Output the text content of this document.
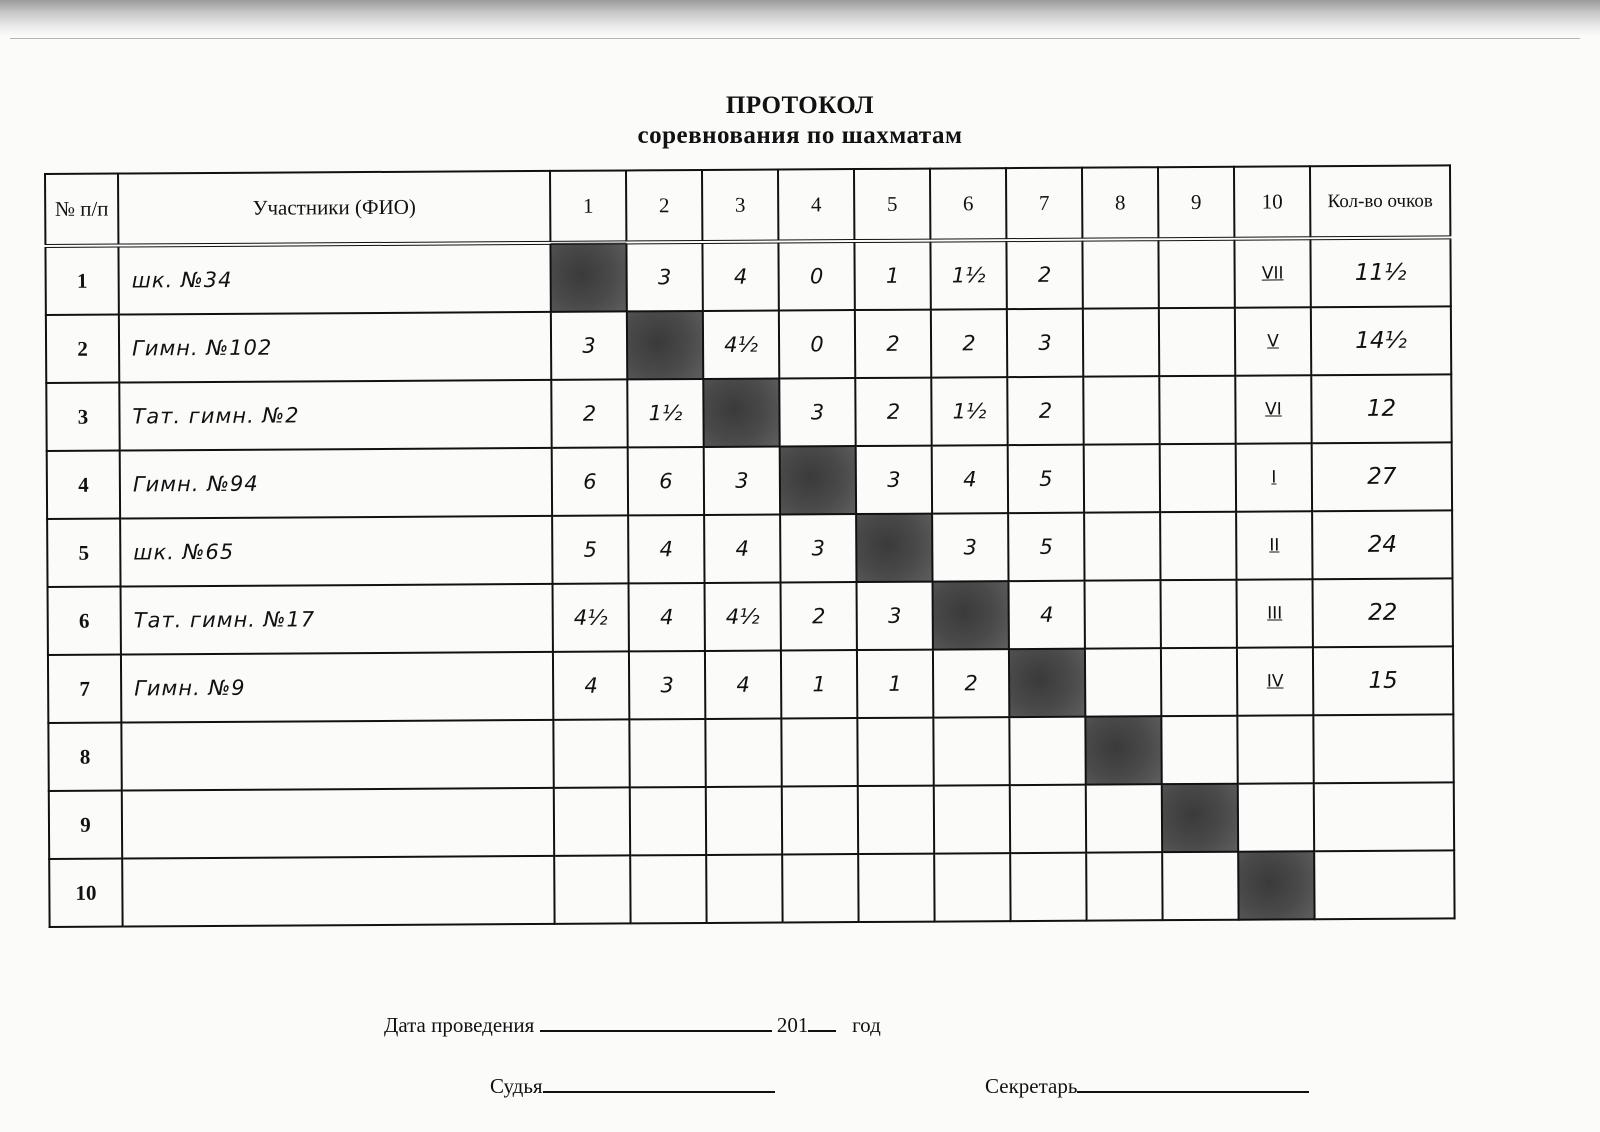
ПРОТОКОЛ
соревнования по шахматам
№ п/п	Участники (ФИО)	1	2	3	4	5	6	7	8	9	10	Кол-во очков
1	шк. №34		3	4	0	1	1½	2			VII	11½
2	Гимн. №102	3		4½	0	2	2	3			V	14½
3	Тат. гимн. №2	2	1½		3	2	1½	2			VI	12
4	Гимн. №94	6	6	3		3	4	5			I	27
5	шк. №65	5	4	4	3		3	5			II	24
6	Тат. гимн. №17	4½	4	4½	2	3		4			III	22
7	Гимн. №9	4	3	4	1	1	2				IV	15
8												
9												
10												
Дата проведения	201 год
Судья	Секретарь
